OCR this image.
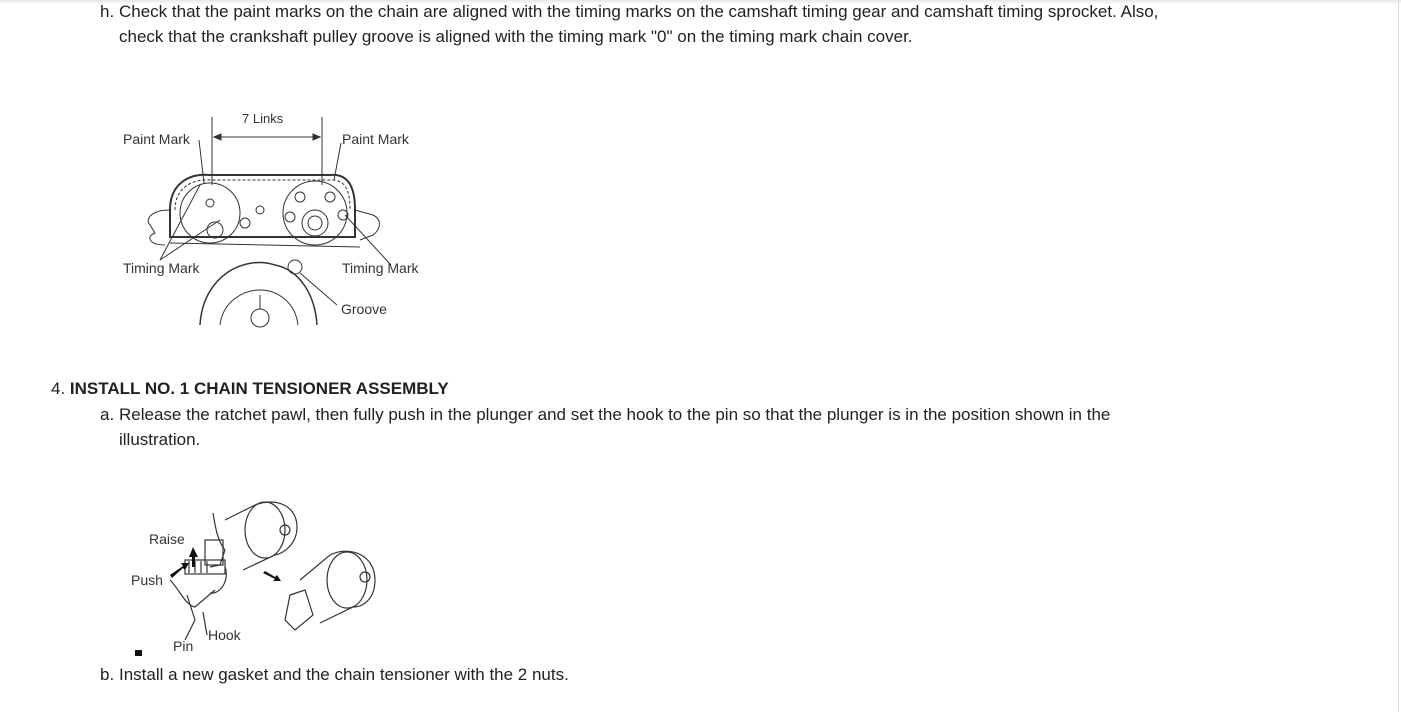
h. Check that the paint marks on the chain are aligned with the timing marks on the camshaft timing gear and camshaft timing sprocket. Also,
check that the crankshaft pulley groove is aligned with the timing mark "0" on the timing mark chain cover.
7 Links
Paint Mark	Paint Mark
Timing Mark	Timing Mark
Groove
4. INSTALL NO. 1 CHAIN TENSIONER ASSEMBLY
a. Release the ratchet pawl, then fully push in the plunger and set the hook to the pin so that the plunger is in the position shown in the
illustration.
Raise
Push
Hook
Pin
b. Install a new gasket and the chain tensioner with the 2 nuts.
